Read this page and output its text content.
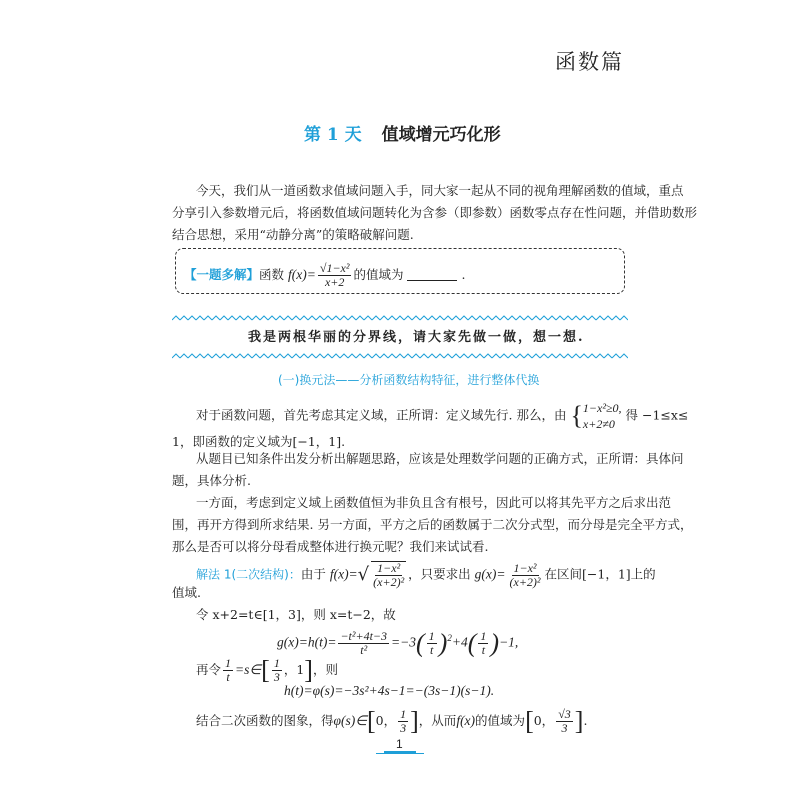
函数篇
第 1 天 值域增元巧化形
今天，我们从一道函数求值域问题入手，同大家一起从不同的视角理解函数的值域，重点
分享引入参数增元后，将函数值域问题转化为含参（即参数）函数零点存在性问题，并借助数形
结合思想，采用“动静分离”的策略破解问题.
【一题多解】函数 $f(x)= \frac{\text{√1−x²}}{x+2}$ 的值域为	.
我是两根华丽的分界线，请大家先做一做，想一想.
(一)换元法——分析函数结构特征，进行整体代换
对于函数问题，首先考虑其定义域，正所谓：定义域先行. 那么，由 { 1−x²≥0,
x+2≠0
得 −1≤x≤
1，即函数的定义域为[−1，1].
从题目已知条件出发分析出解题思路，应该是处理数学问题的正确方式，正所谓：具体问
题，具体分析.
一方面，考虑到定义域上函数值恒为非负且含有根号，因此可以将其先平方之后求出范
围，再开方得到所求结果. 另一方面，平方之后的函数属于二次分式型，而分母是完全平方式，
那么是否可以将分母看成整体进行换元呢？我们来试试看.
解法 1(二次结构)：由于 $f(x)=√ \frac{\text{1−x²}}{\text{(x+2)²}}$ ，只要求出 $g(x)= \frac{\text{1−x²}}{\text{(x+2)²}}$ 在区间[−1，1]上的
值域.
令 x+2=t∈[1，3]，则 x=t−2，故
$g(x)=h(t)= \frac{\text{−t²+4t−3}}{\text{t²}} =-3( \frac{1}{t} )^2+4( \frac{1}{t} )-1$,
再令 $\frac{1}{t}$ =s∈[ $\frac{1}{3}$ ，1]，则
h(t)=φ(s)=−3s²+4s−1=−(3s−1)(s−1).
结合二次函数的图象，得φ(s)∈[0， $\frac{1}{3}$ ]，从而f(x)的值域为[0， $\frac{√3}{3}$ ].
1
